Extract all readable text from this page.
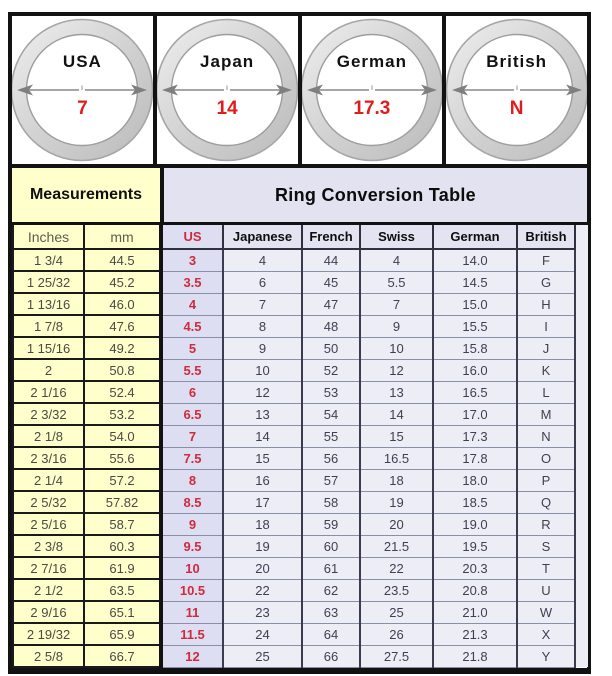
USA
7
Japan
14
German
17.3
British
N
Measurements	Ring Conversion Table
Inches	mm	US	Japanese	French	Swiss	German	British	
1 3/4	44.5	3	4	44	4	14.0	F	
1 25/32	45.2	3.5	6	45	5.5	14.5	G	
1 13/16	46.0	4	7	47	7	15.0	H	
1 7/8	47.6	4.5	8	48	9	15.5	I	
1 15/16	49.2	5	9	50	10	15.8	J	
2	50.8	5.5	10	52	12	16.0	K	
2 1/16	52.4	6	12	53	13	16.5	L	
2 3/32	53.2	6.5	13	54	14	17.0	M	
2 1/8	54.0	7	14	55	15	17.3	N	
2 3/16	55.6	7.5	15	56	16.5	17.8	O	
2 1/4	57.2	8	16	57	18	18.0	P	
2 5/32	57.82	8.5	17	58	19	18.5	Q	
2 5/16	58.7	9	18	59	20	19.0	R	
2 3/8	60.3	9.5	19	60	21.5	19.5	S	
2 7/16	61.9	10	20	61	22	20.3	T	
2 1/2	63.5	10.5	22	62	23.5	20.8	U	
2 9/16	65.1	11	23	63	25	21.0	W	
2 19/32	65.9	11.5	24	64	26	21.3	X	
2 5/8	66.7	12	25	66	27.5	21.8	Y	
